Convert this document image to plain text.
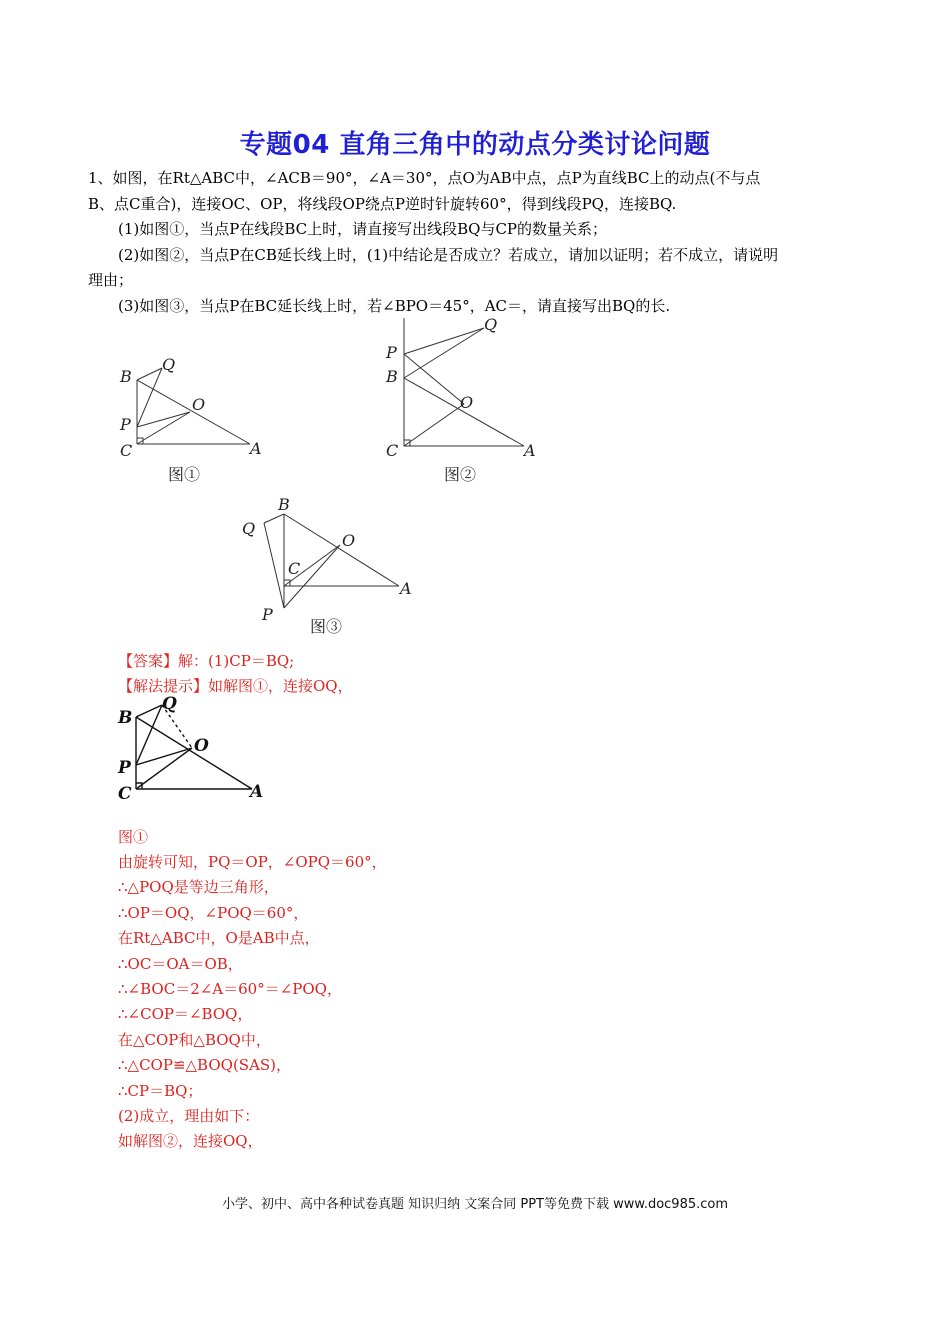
专题04 直角三角中的动点分类讨论问题
1、如图，在Rt△ABC中，∠ACB＝90°，∠A＝30°，点O为AB中点，点P为直线BC上的动点(不与点
B、点C重合)，连接OC、OP，将线段OP绕点P逆时针旋转60°，得到线段PQ，连接BQ.
(1)如图①，当点P在线段BC上时，请直接写出线段BQ与CP的数量关系；
(2)如图②，当点P在CB延长线上时，(1)中结论是否成立？若成立，请加以证明；若不成立，请说明
理由；
(3)如图③，当点P在BC延长线上时，若∠BPO＝45°，AC＝，请直接写出BQ的长.
B
Q
O
P
C	A
图①
P
Q
B
O
C	A
图②
B
Q
O
C
A
P
图③
【答案】解：(1)CP＝BQ;
【解法提示】如解图①，连接OQ，
B
Q
O
P
C	A
图①
由旋转可知，PQ＝OP，∠OPQ＝60°，
∴△POQ是等边三角形，
∴OP＝OQ，∠POQ＝60°，
在Rt△ABC中，O是AB中点，
∴OC＝OA＝OB，
∴∠BOC＝2∠A＝60°＝∠POQ，
∴∠COP＝∠BOQ，
在△COP和△BOQ中，
∴△COP≌△BOQ(SAS)，
∴CP＝BQ；
(2)成立，理由如下：
如解图②，连接OQ，
小学、初中、高中各种试卷真题 知识归纳 文案合同 PPT等免费下载 www.doc985.com
